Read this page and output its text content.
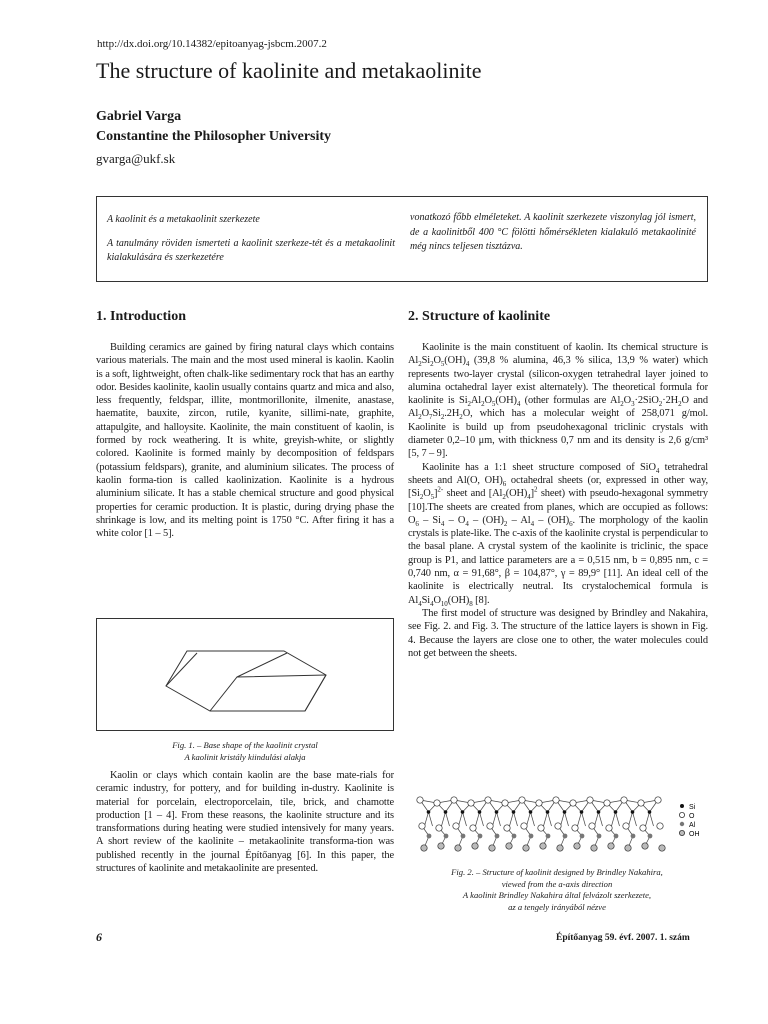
http://dx.doi.org/10.14382/epitoanyag-jsbcm.2007.2
The structure of kaolinite and metakaolinite
Gabriel Varga
Constantine the Philosopher University
gvarga@ukf.sk
A kaolinit és a metakaolinit szerkezete
A tanulmány röviden ismerteti a kaolinit szerkeze-tét és a metakaolinit kialakulására és szerkezetére
vonatkozó főbb elméleteket. A kaolinit szerkezete viszonylag jól ismert, de a kaolinitből 400 °C fölötti hőmérsékleten kialakuló metakaolinité még nincs teljesen tisztázva.
1. Introduction

Building ceramics are gained by firing natural clays which contains various materials. The main and the most used mineral is kaolin. Kaolin is a soft, lightweight, often chalk-like sedimentary rock that has an earthy odor. Besides kaolinite, kaolin usually contains quartz and mica and also, less frequently, feldspar, illite, montmorillonite, ilmenite, anastase, haematite, bauxite, zircon, rutile, kyanite, sillimi-nate, graphite, attapulgite, and halloysite. Kaolinite, the main constituent of kaolin, is formed by rock weathering. It is white, greyish-white, or slightly colored. Kaolinite is formed mainly by decomposition of feldspars (potassium feldspars), granite, and aluminium silicates. The process of kaolin forma-tion is called kaolinization. Kaolinite is a hydrous aluminium silicate. It has a stable chemical structure and good physical properties for ceramic production. It is plastic, during drying phase the shrinkage is low, and its melting point is 1750 °C. After firing it has a white color [1 – 5].

Fig. 1. – Base shape of the kaolinit crystal
A kaolinit kristály kiindulási alakja

Kaolin or clays which contain kaolin are the base mate-rials for ceramic industry, for pottery, and for building in-dustry. Kaolinite is material for porcelain, electroporcelain, tile, brick, and chamotte production [1 – 4]. From these reasons, the kaolinite structure and its transformations during heating were studied intensively for many years. A short review of the kaolinite – metakaolinite transforma-tion was published recently in the journal Építőanyag [6]. In this paper, the structures of kaolinite and metakaolinite are presented.

2. Structure of kaolinite

Kaolinite is the main constituent of kaolin. Its chemical structure is $Al_2Si_2O_5(OH)_4$ (39,8 % alumina, 46,3 % silica, 13,9 % water) which represents two-layer crystal (silicon-oxygen tetrahedral layer joined to alumina octahedral layer exist alternately). The theoretical formula for kaolinite is $Si_2Al_2O_5(OH)_4$ (other formulas are $Al_2O_3\cdot 2SiO_2\cdot 2H_2O$ and $Al_2O_7Si_2.2H_2O$, which has a molecular weight of 258,071 g/mol. Kaolinite is build up from pseudohexagonal triclinic crystals with diameter 0,2–10 μm, with thickness 0,7 nm and its density is 2,6 g/cm³ [5, 7 – 9].

Kaolinite has a 1:1 sheet structure composed of SiO$_4$ tetrahedral sheets and Al(O, $OH)_6$ octahedral sheets (or, expressed in other way, $[Si_2O_5]^{2-}$ sheet and $[Al_2(OH)_4]^2$ sheet) with pseudo-hexagonal symmetry [10].The sheets are created from planes, which are occupied as follows: $O_6 - Si_4 - O_4 - (OH)_2 - Al_4 - (OH)_6$. The morphology of the kaolin crystals is plate-like. The c-axis of the kaolinite crystal is perpendicular to the basal plane. A crystal system of the kaolinite is triclinic, the space group is P1, and lattice parameters are a = 0,515 nm, b = 0,895 nm, c = 0,740 nm, α = 91,68°, β = 104,87°, γ = 89,9° [11]. An ideal cell of the kaolinite is electrically neutral. Its crystalochemical formula is $Al_4Si_4O_{10}(OH)_8$ [8].

The first model of structure was designed by Brindley and Nakahira, see Fig. 2. and Fig. 3. The structure of the lattice layers is shown in Fig. 4. Because the layers are close one to other, the water molecules could not get between the sheets.

Si
O
Al
OH
Fig. 2. – Structure of kaolinit designed by Brindley Nakahira,
viewed from the a-axis direction
A kaolinit Brindley Nakahira által felvázolt szerkezete,
az a tengely irányából nézve
6	Építőanyag 59. évf. 2007. 1. szám
